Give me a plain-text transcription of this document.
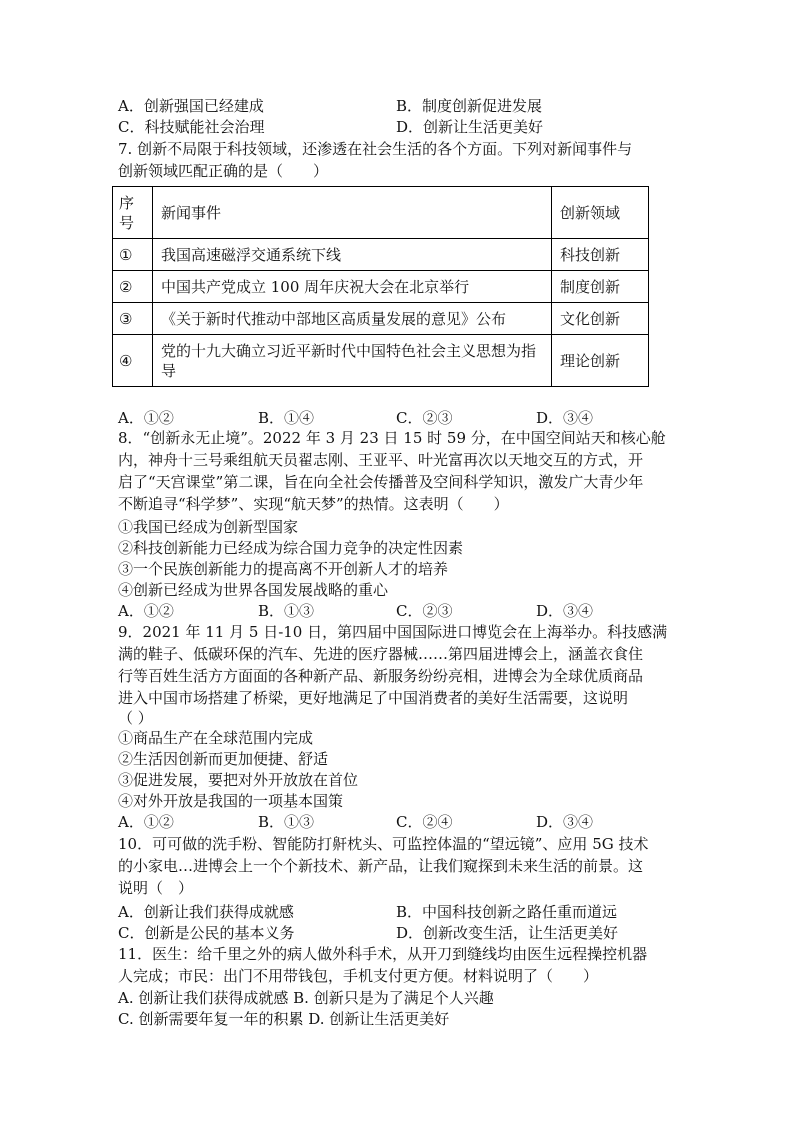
A．创新强国已经建成	B．制度创新促进发展
C．科技赋能社会治理	D．创新让生活更美好
7. 创新不局限于科技领域，还渗透在社会生活的各个方面。下列对新闻事件与
创新领域匹配正确的是（　　）
序号	新闻事件	创新领域
①	我国高速磁浮交通系统下线	科技创新
②	中国共产党成立 100 周年庆祝大会在北京举行	制度创新
③	《关于新时代推动中部地区高质量发展的意见》公布	文化创新
④	党的十九大确立习近平新时代中国特色社会主义思想为指导	理论创新
A．①②	B．①④	C．②③	D．③④
8．“创新永无止境”。2022 年 3 月 23 日 15 时 59 分，在中国空间站天和核心舱
内，神舟十三号乘组航天员翟志刚、王亚平、叶光富再次以天地交互的方式，开
启了“天宫课堂”第二课，旨在向全社会传播普及空间科学知识，激发广大青少年
不断追寻“科学梦”、实现“航天梦”的热情。这表明（　　）
①我国已经成为创新型国家
②科技创新能力已经成为综合国力竞争的决定性因素
③一个民族创新能力的提高离不开创新人才的培养
④创新已经成为世界各国发展战略的重心
A．①②	B．①③	C．②③	D．③④
9．2021 年 11 月 5 日-10 日，第四届中国国际进口博览会在上海举办。科技感满
满的鞋子、低碳环保的汽车、先进的医疗器械……第四届进博会上，涵盖衣食住
行等百姓生活方方面面的各种新产品、新服务纷纷亮相，进博会为全球优质商品
进入中国市场搭建了桥梁，更好地满足了中国消费者的美好生活需要，这说明
（ ）
①商品生产在全球范围内完成
②生活因创新而更加便捷、舒适
③促进发展，要把对外开放放在首位
④对外开放是我国的一项基本国策
A．①②	B．①③	C．②④	D．③④
10．可可做的洗手粉、智能防打鼾枕头、可监控体温的“望远镜”、应用 5G 技术
的小家电…进博会上一个个新技术、新产品，让我们窥探到未来生活的前景。这
说明（　）
A．创新让我们获得成就感	B．中国科技创新之路任重而道远
C．创新是公民的基本义务	D．创新改变生活，让生活更美好
11．医生：给千里之外的病人做外科手术，从开刀到缝线均由医生远程操控机器
人完成；市民：出门不用带钱包，手机支付更方便。材料说明了（　　）
A. 创新让我们获得成就感 B. 创新只是为了满足个人兴趣
C. 创新需要年复一年的积累 D. 创新让生活更美好
